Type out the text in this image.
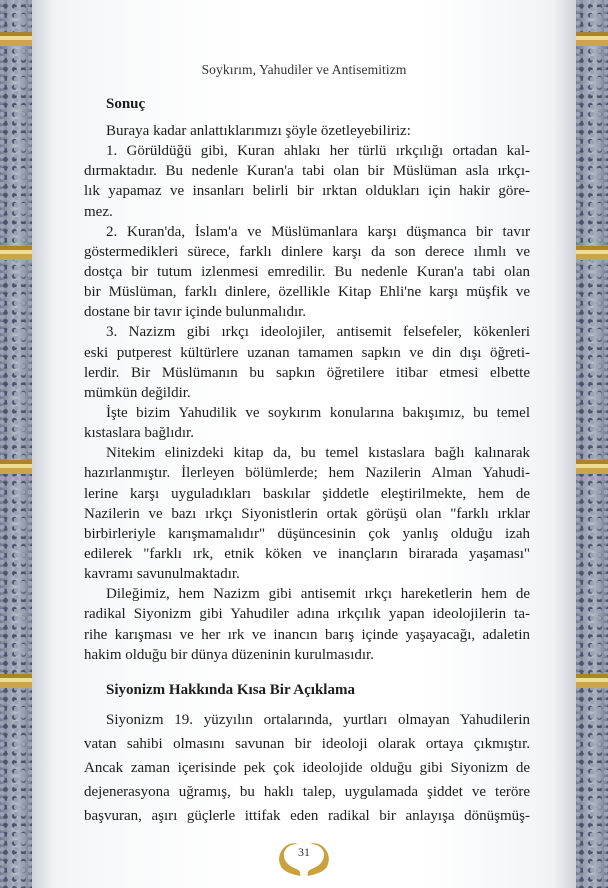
Soykırım, Yahudiler ve Antisemitizm
Sonuç
Buraya kadar anlattıklarımızı şöyle özetleyebiliriz:
1. Görüldüğü gibi, Kuran ahlakı her türlü ırkçılığı ortadan kal-
dırmaktadır. Bu nedenle Kuran'a tabi olan bir Müslüman asla ırkçı-
lık yapamaz ve insanları belirli bir ırktan oldukları için hakir göre-
mez.
2. Kuran'da, İslam'a ve Müslümanlara karşı düşmanca bir tavır
göstermedikleri sürece, farklı dinlere karşı da son derece ılımlı ve
dostça bir tutum izlenmesi emredilir. Bu nedenle Kuran'a tabi olan
bir Müslüman, farklı dinlere, özellikle Kitap Ehli'ne karşı müşfik ve
dostane bir tavır içinde bulunmalıdır.
3. Nazizm gibi ırkçı ideolojiler, antisemit felsefeler, kökenleri
eski putperest kültürlere uzanan tamamen sapkın ve din dışı öğreti-
lerdir. Bir Müslümanın bu sapkın öğretilere itibar etmesi elbette
mümkün değildir.
İşte bizim Yahudilik ve soykırım konularına bakışımız, bu temel
kıstaslara bağlıdır.
Nitekim elinizdeki kitap da, bu temel kıstaslara bağlı kalınarak
hazırlanmıştır. İlerleyen bölümlerde; hem Nazilerin Alman Yahudi-
lerine karşı uyguladıkları baskılar şiddetle eleştirilmekte, hem de
Nazilerin ve bazı ırkçı Siyonistlerin ortak görüşü olan "farklı ırklar
birbirleriyle karışmamalıdır" düşüncesinin çok yanlış olduğu izah
edilerek "farklı ırk, etnik köken ve inançların birarada yaşaması"
kavramı savunulmaktadır.
Dileğimiz, hem Nazizm gibi antisemit ırkçı hareketlerin hem de
radikal Siyonizm gibi Yahudiler adına ırkçılık yapan ideolojilerin ta-
rihe karışması ve her ırk ve inancın barış içinde yaşayacağı, adaletin
hakim olduğu bir dünya düzeninin kurulmasıdır.
Siyonizm Hakkında Kısa Bir Açıklama
Siyonizm 19. yüzyılın ortalarında, yurtları olmayan Yahudilerin
vatan sahibi olmasını savunan bir ideoloji olarak ortaya çıkmıştır.
Ancak zaman içerisinde pek çok ideolojide olduğu gibi Siyonizm de
dejenerasyona uğramış, bu haklı talep, uygulamada şiddet ve teröre
başvuran, aşırı güçlerle ittifak eden radikal bir anlayışa dönüşmüş-
31
